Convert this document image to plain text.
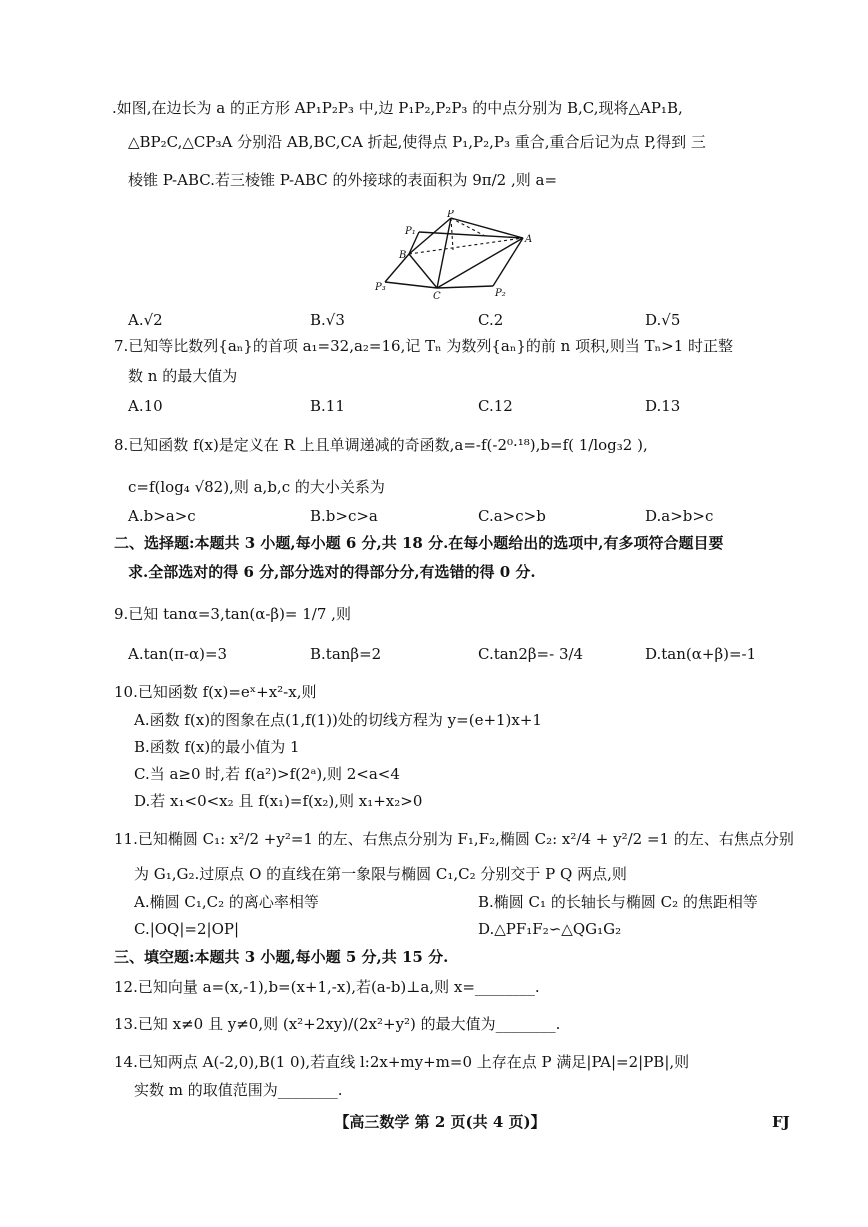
.如图,在边长为 a 的正方形 AP₁P₂P₃ 中,边 P₁P₂,P₂P₃ 的中点分别为 B,C,现将△AP₁B,
△BP₂C,△CP₃A 分别沿 AB,BC,CA 折起,使得点 P₁,P₂,P₃ 重合,重合后记为点 P,得到 三
棱锥 P-ABC.若三棱锥 P-ABC 的外接球的表面积为 9π/2 ,则 a=
P
P₁
A
B
P₂
C
P₃
A.√2	B.√3	C.2	D.√5
7.已知等比数列{aₙ}的首项 a₁=32,a₂=16,记 Tₙ 为数列{aₙ}的前 n 项积,则当 Tₙ>1 时正整
数 n 的最大值为
A.10	B.11	C.12	D.13
8.已知函数 f(x)是定义在 R 上且单调递减的奇函数,a=-f(-2⁰·¹⁸),b=f( 1/log₃2 ),
c=f(log₄ √82),则 a,b,c 的大小关系为
A.b>a>c	B.b>c>a	C.a>c>b	D.a>b>c
二、选择题:本题共 3 小题,每小题 6 分,共 18 分.在每小题给出的选项中,有多项符合题目要
求.全部选对的得 6 分,部分选对的得部分分,有选错的得 0 分.
9.已知 tanα=3,tan(α-β)= 1/7 ,则
A.tan(π-α)=3	B.tanβ=2	C.tan2β=- 3/4	D.tan(α+β)=-1
10.已知函数 f(x)=eˣ+x²-x,则
A.函数 f(x)的图象在点(1,f(1))处的切线方程为 y=(e+1)x+1
B.函数 f(x)的最小值为 1
C.当 a≥0 时,若 f(a²)>f(2ᵃ),则 2<a<4
D.若 x₁<0<x₂ 且 f(x₁)=f(x₂),则 x₁+x₂>0
11.已知椭圆 C₁: x²/2 +y²=1 的左、右焦点分别为 F₁,F₂,椭圆 C₂: x²/4 + y²/2 =1 的左、右焦点分别
为 G₁,G₂.过原点 O 的直线在第一象限与椭圆 C₁,C₂ 分别交于 P Q 两点,则
A.椭圆 C₁,C₂ 的离心率相等	B.椭圆 C₁ 的长轴长与椭圆 C₂ 的焦距相等
C.|OQ|=2|OP|	D.△PF₁F₂∽△QG₁G₂
三、填空题:本题共 3 小题,每小题 5 分,共 15 分.
12.已知向量 a=(x,-1),b=(x+1,-x),若(a-b)⊥a,则 x=________.
13.已知 x≠0 且 y≠0,则 (x²+2xy)/(2x²+y²) 的最大值为________.
14.已知两点 A(-2,0),B(1 0),若直线 l:2x+my+m=0 上存在点 P 满足|PA|=2|PB|,则
实数 m 的取值范围为________.
【高三数学 第 2 页(共 4 页)】	FJ
